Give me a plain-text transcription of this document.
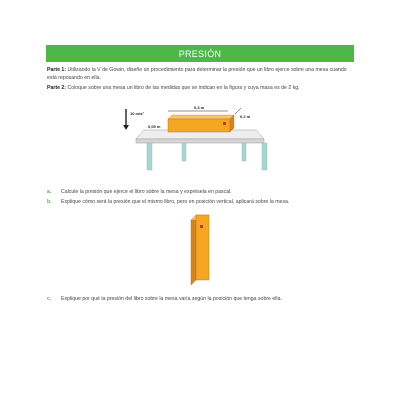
PRESIÓN
Parte 1: Utilizando la V de Gowin, diseñe un procedimiento para determinar la presión que un libro ejerce sobre una mesa cuando está reposando en ella.
Parte 2: Coloque sobre una mesa un libro de las medidas que se indican en la figura y cuya masa es de 2 kg.
10 m/s²
0,05 m
0,3 m
0,2 m
a. Calcule la presión que ejerce el libro sobre la mesa y exprésela en pascal.
b. Explique cómo será la presión que el mismo libro, pero en posición vertical, aplicará sobre la mesa.
c. Explique por qué la presión del libro sobre la mesa varía según la posición que tenga sobre ella.
